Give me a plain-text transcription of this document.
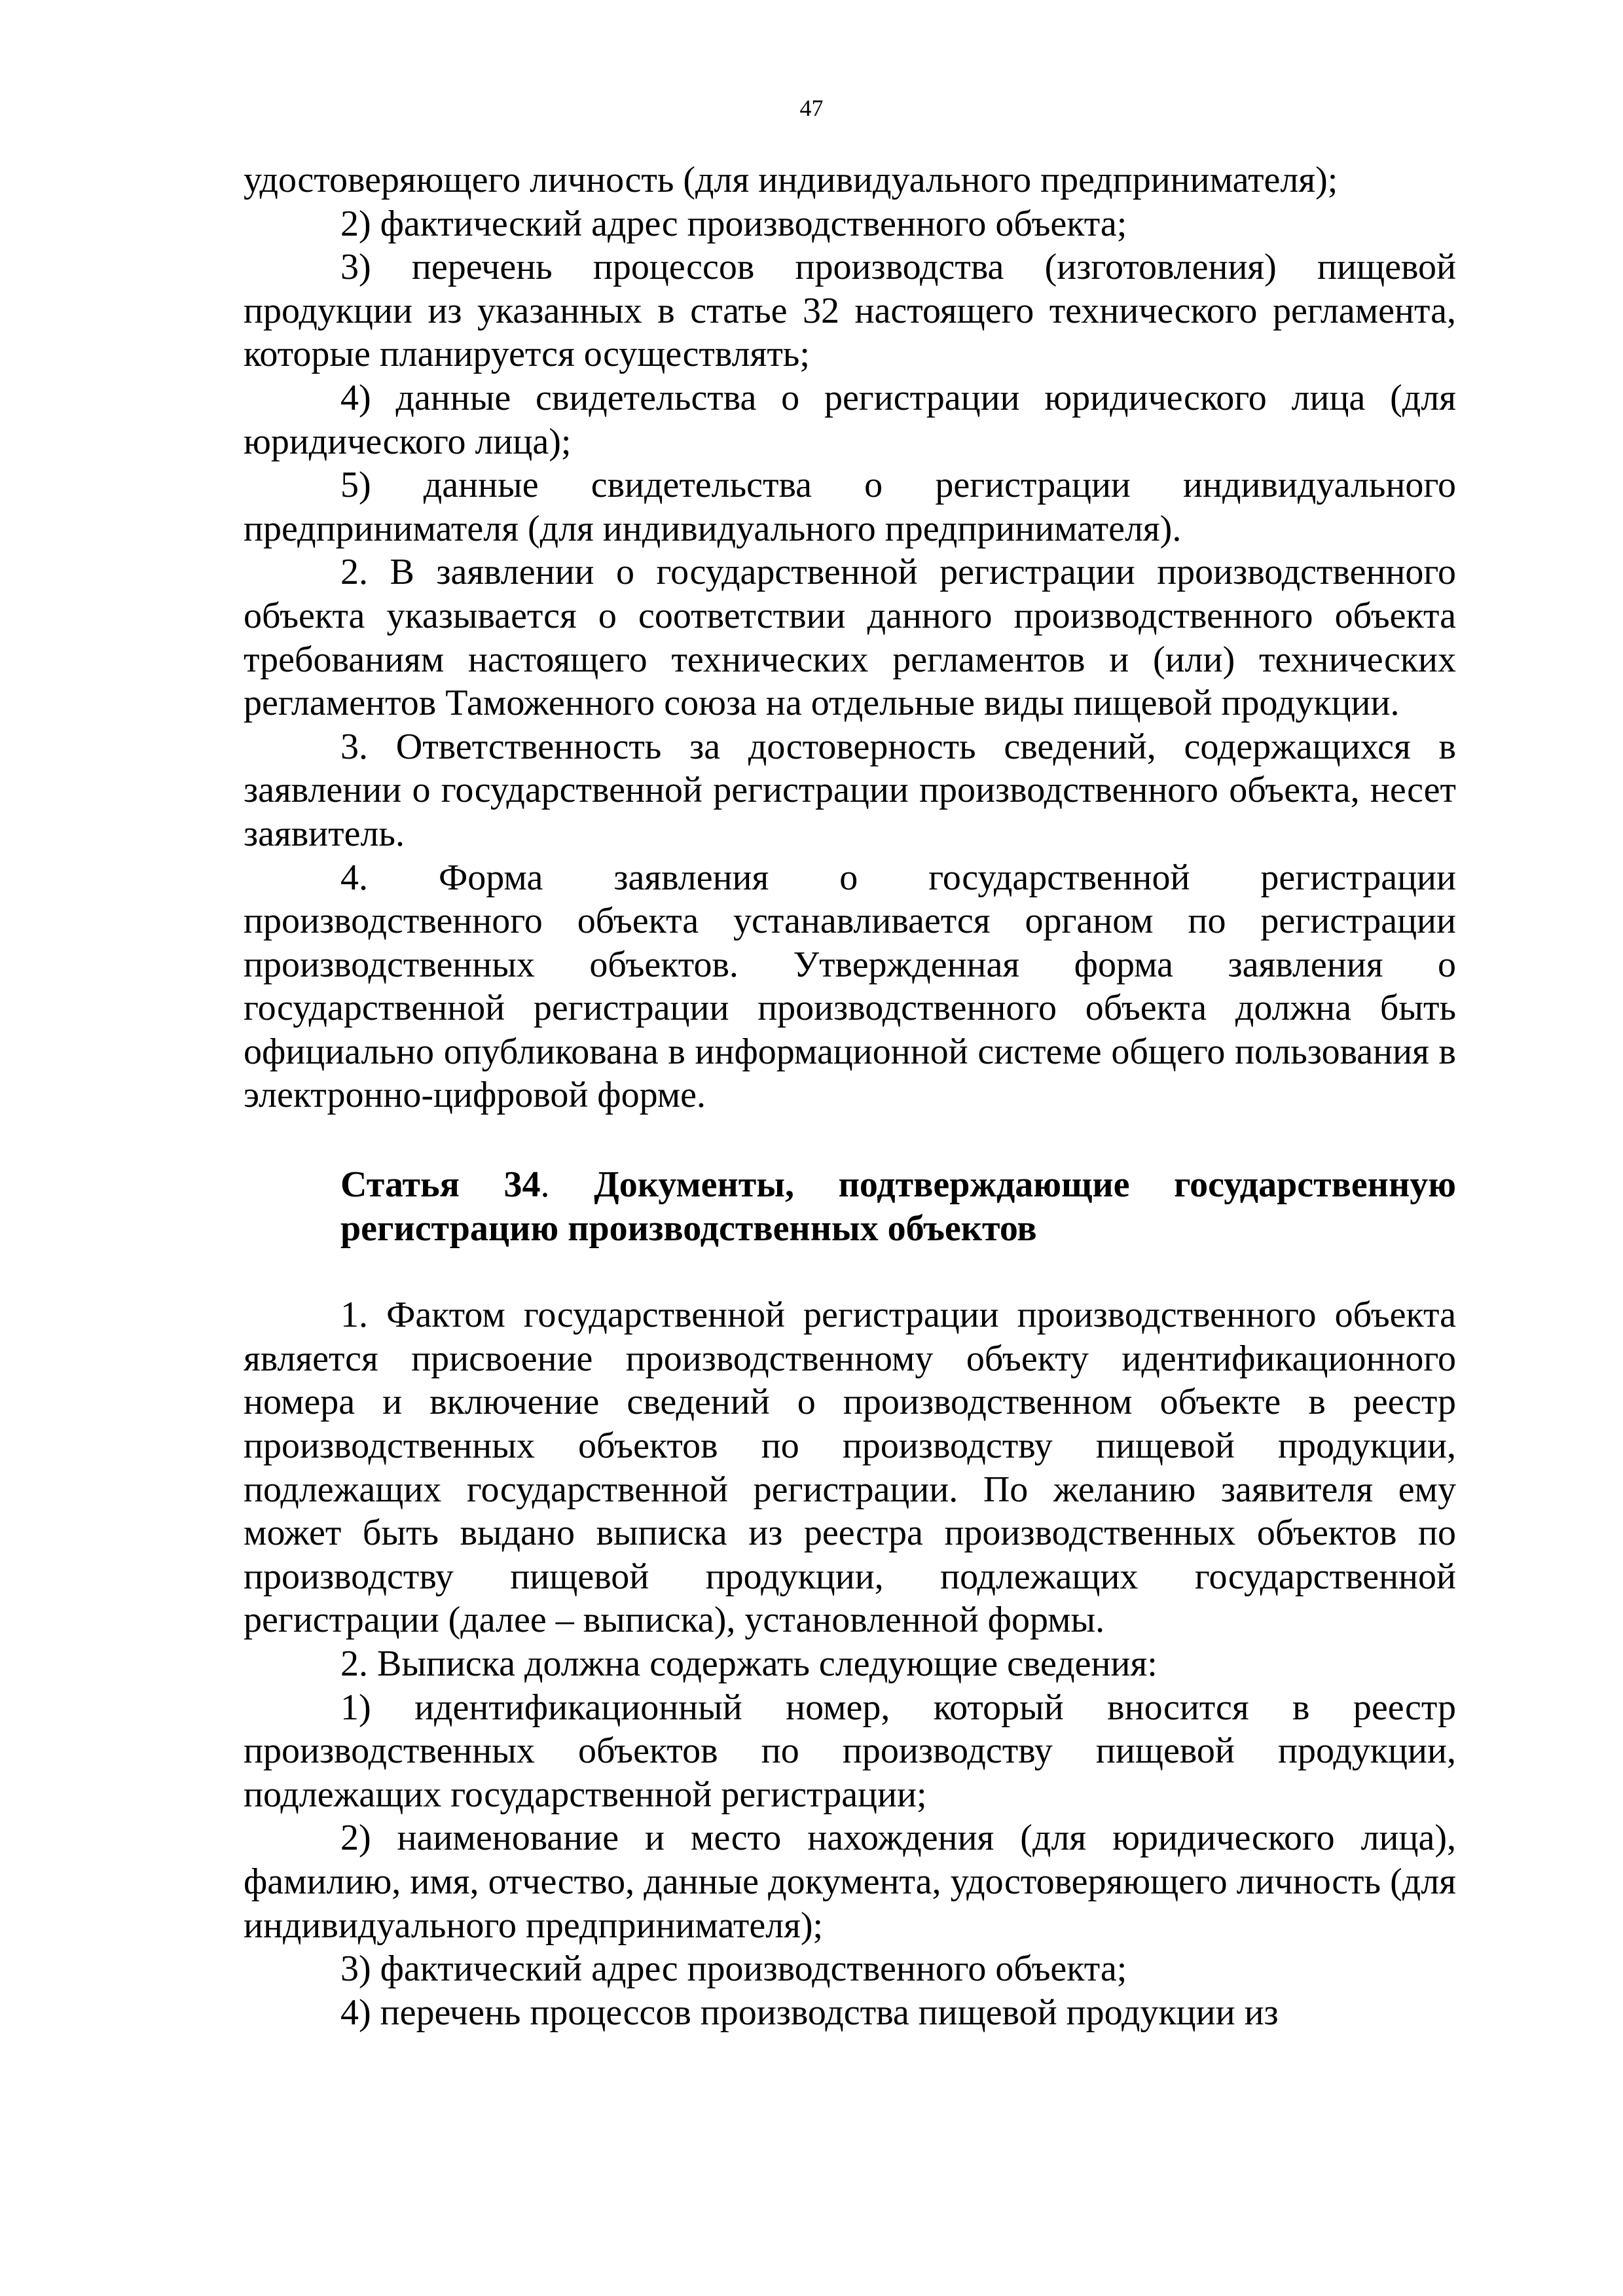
47

удостоверяющего личность (для индивидуального предпринимателя);

2) фактический адрес производственного объекта;

3) перечень процессов производства (изготовления) пищевой продукции из указанных в статье 32 настоящего технического регламента, которые планируется осуществлять;

4) данные свидетельства о регистрации юридического лица (для юридического лица);

5) данные свидетельства о регистрации индивидуального предпринимателя (для индивидуального предпринимателя).

2. В заявлении о государственной регистрации производственного объекта указывается о соответствии данного производственного объекта требованиям настоящего технических регламентов и (или) технических регламентов Таможенного союза на отдельные виды пищевой продукции.

3. Ответственность за достоверность сведений, содержащихся в заявлении о государственной регистрации производственного объекта, несет заявитель.

4. Форма заявления о государственной регистрации производственного объекта устанавливается органом по регистрации производственных объектов. Утвержденная форма заявления о государственной регистрации производственного объекта должна быть официально опубликована в информационной системе общего пользования в электронно-цифровой форме.

Статья 34. Документы, подтверждающие государственную регистрацию производственных объектов

1. Фактом государственной регистрации производственного объекта является присвоение производственному объекту идентификационного номера и включение сведений о производственном объекте в реестр производственных объектов по производству пищевой продукции, подлежащих государственной регистрации. По желанию заявителя ему может быть выдано выписка из реестра производственных объектов по производству пищевой продукции, подлежащих государственной регистрации (далее – выписка), установленной формы.

2. Выписка должна содержать следующие сведения:

1) идентификационный номер, который вносится в реестр производственных объектов по производству пищевой продукции, подлежащих государственной регистрации;

2) наименование и место нахождения (для юридического лица), фамилию, имя, отчество, данные документа, удостоверяющего личность (для индивидуального предпринимателя);

3) фактический адрес производственного объекта;

4) перечень процессов производства пищевой продукции из
